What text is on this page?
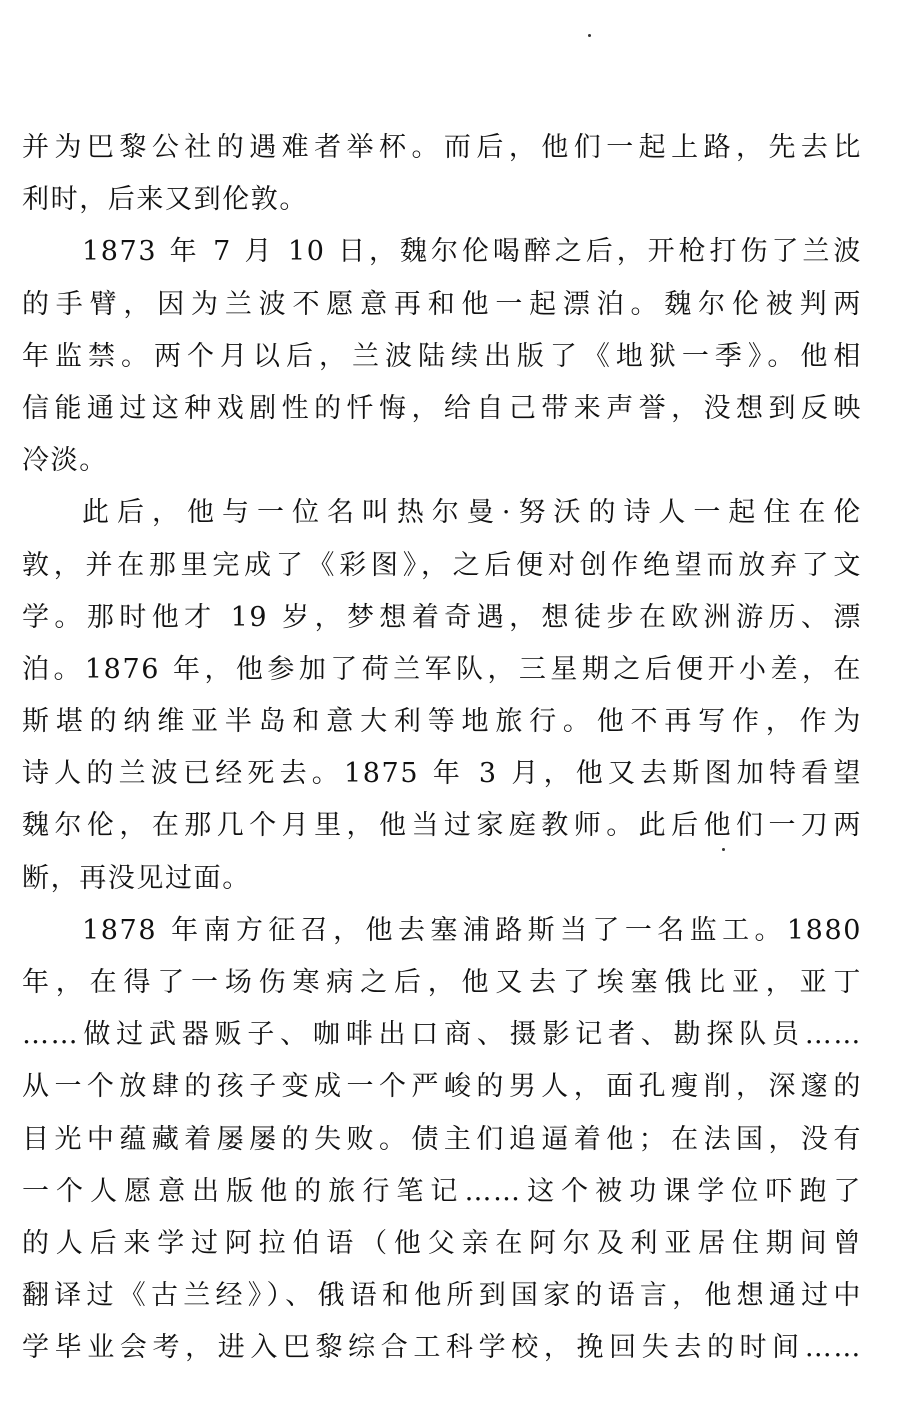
并为巴黎公社的遇难者举杯。而后，他们一起上路，先去比
利时，后来又到伦敦。
1873 年 7 月 10 日，魏尔伦喝醉之后，开枪打伤了兰波
的手臂，因为兰波不愿意再和他一起漂泊。魏尔伦被判两
年监禁。两个月以后，兰波陆续出版了《地狱一季》。他相
信能通过这种戏剧性的忏悔，给自己带来声誉，没想到反映
冷淡。
此后，他与一位名叫热尔曼·努沃的诗人一起住在伦
敦，并在那里完成了《彩图》，之后便对创作绝望而放弃了文
学。那时他才 19 岁，梦想着奇遇，想徒步在欧洲游历、漂
泊。1876 年，他参加了荷兰军队，三星期之后便开小差，在
斯堪的纳维亚半岛和意大利等地旅行。他不再写作，作为
诗人的兰波已经死去。1875 年 3 月，他又去斯图加特看望
魏尔伦，在那几个月里，他当过家庭教师。此后他们一刀两
断，再没见过面。
1878 年南方征召，他去塞浦路斯当了一名监工。1880
年，在得了一场伤寒病之后，他又去了埃塞俄比亚，亚丁
……做过武器贩子、咖啡出口商、摄影记者、勘探队员……
从一个放肆的孩子变成一个严峻的男人，面孔瘦削，深邃的
目光中蕴藏着屡屡的失败。债主们追逼着他；在法国，没有
一个人愿意出版他的旅行笔记……这个被功课学位吓跑了
的人后来学过阿拉伯语（他父亲在阿尔及利亚居住期间曾
翻译过《古兰经》）、俄语和他所到国家的语言，他想通过中
学毕业会考，进入巴黎综合工科学校，挽回失去的时间……
